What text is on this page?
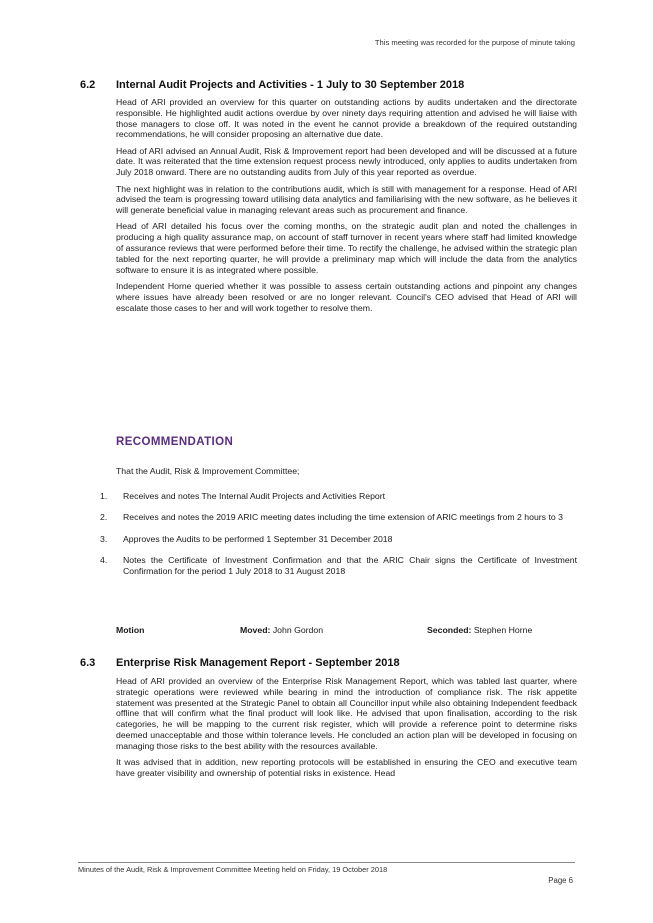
This meeting was recorded for the purpose of minute taking
6.2 Internal Audit Projects and Activities - 1 July to 30 September 2018

Head of ARI provided an overview for this quarter on outstanding actions by audits undertaken and the directorate responsible. He highlighted audit actions overdue by over ninety days requiring attention and advised he will liaise with those managers to close off. It was noted in the event he cannot provide a breakdown of the required outstanding recommendations, he will consider proposing an alternative due date.

Head of ARI advised an Annual Audit, Risk & Improvement report had been developed and will be discussed at a future date. It was reiterated that the time extension request process newly introduced, only applies to audits undertaken from July 2018 onward. There are no outstanding audits from July of this year reported as overdue.

The next highlight was in relation to the contributions audit, which is still with management for a response. Head of ARI advised the team is progressing toward utilising data analytics and familiarising with the new software, as he believes it will generate beneficial value in managing relevant areas such as procurement and finance.

Head of ARI detailed his focus over the coming months, on the strategic audit plan and noted the challenges in producing a high quality assurance map, on account of staff turnover in recent years where staff had limited knowledge of assurance reviews that were performed before their time. To rectify the challenge, he advised within the strategic plan tabled for the next reporting quarter, he will provide a preliminary map which will include the data from the analytics software to ensure it is as integrated where possible.

Independent Horne queried whether it was possible to assess certain outstanding actions and pinpoint any changes where issues have already been resolved or are no longer relevant. Council's CEO advised that Head of ARI will escalate those cases to her and will work together to resolve them.

RECOMMENDATION
That the Audit, Risk & Improvement Committee;
1.	Receives and notes The Internal Audit Projects and Activities Report
2.	Receives and notes the 2019 ARIC meeting dates including the time extension of ARIC meetings from 2 hours to 3
3.	Approves the Audits to be performed 1 September 31 December 2018
4.	Notes the Certificate of Investment Confirmation and that the ARIC Chair signs the Certificate of Investment Confirmation for the period 1 July 2018 to 31 August 2018
Motion	Moved: John Gordon	Seconded: Stephen Horne
6.3 Enterprise Risk Management Report - September 2018

Head of ARI provided an overview of the Enterprise Risk Management Report, which was tabled last quarter, where strategic operations were reviewed while bearing in mind the introduction of compliance risk. The risk appetite statement was presented at the Strategic Panel to obtain all Councillor input while also obtaining Independent feedback offline that will confirm what the final product will look like. He advised that upon finalisation, according to the risk categories, he will be mapping to the current risk register, which will provide a reference point to determine risks deemed unacceptable and those within tolerance levels. He concluded an action plan will be developed in focusing on managing those risks to the best ability with the resources available.

It was advised that in addition, new reporting protocols will be established in ensuring the CEO and executive team have greater visibility and ownership of potential risks in existence. Head

Minutes of the Audit, Risk & Improvement Committee Meeting held on Friday, 19 October 2018
Page 6
